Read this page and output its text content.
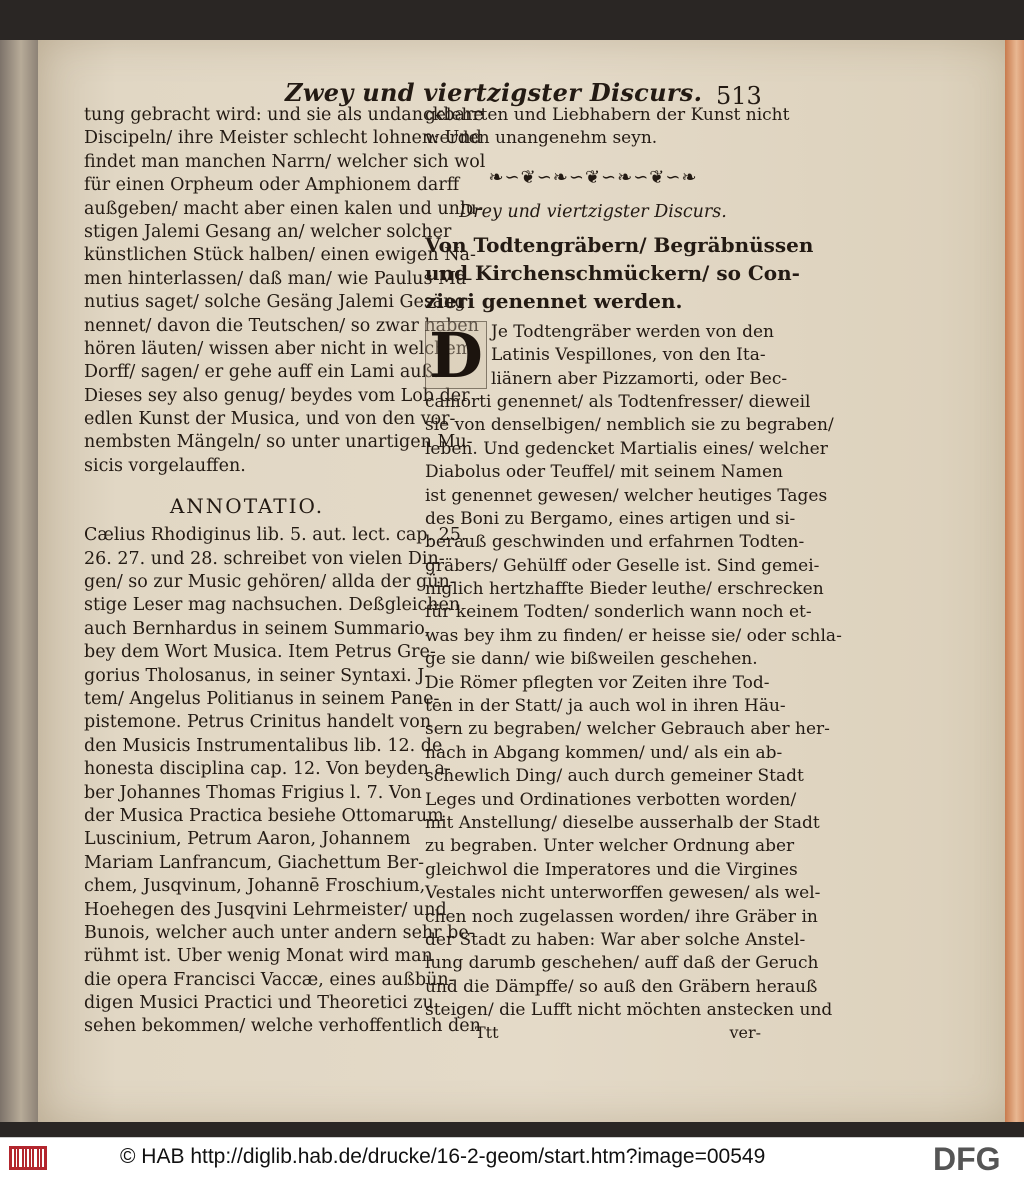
Zwey und viertzigster Discurs. 513
tung gebracht wird: und sie als undanckbare
Discipeln/ ihre Meister schlecht lohnen: Und
findet man manchen Narrn/ welcher sich wol
für einen Orpheum oder Amphionem darff
außgeben/ macht aber einen kalen und unlu-
stigen Jalemi Gesang an/ welcher solcher
künstlichen Stück halben/ einen ewigen Na-
men hinterlassen/ daß man/ wie Paulus Ma-
nutius saget/ solche Gesäng Jalemi Gesäng
nennet/ davon die Teutschen/ so zwar haben
hören läuten/ wissen aber nicht in welchem
Dorff/ sagen/ er gehe auff ein Lami auß.
Dieses sey also genug/ beydes vom Lob der
edlen Kunst der Musica, und von den vor-
nembsten Mängeln/ so unter unartigen Mu-
sicis vorgelauffen.
ANNOTATIO.
Cælius Rhodiginus lib. 5. aut. lect. cap. 25.
26. 27. und 28. schreibet von vielen Din-
gen/ so zur Music gehören/ allda der gün-
stige Leser mag nachsuchen. Deßgleichen
auch Bernhardus in seinem Summario,
bey dem Wort Musica. Item Petrus Gre-
gorius Tholosanus, in seiner Syntaxi. J-
tem/ Angelus Politianus in seinem Pane-
pistemone. Petrus Crinitus handelt von
den Musicis Instrumentalibus lib. 12. de
honesta disciplina cap. 12. Von beyden a-
ber Johannes Thomas Frigius l. 7. Von
der Musica Practica besiehe Ottomarum
Luscinium, Petrum Aaron, Johannem
Mariam Lanfrancum, Giachettum Ber-
chem, Jusqvinum, Johannē Froschium,
Hoehegen des Jusqvini Lehrmeister/ und
Bunois, welcher auch unter andern sehr be-
rühmt ist. Uber wenig Monat wird man
die opera Francisci Vaccæ, eines außbün-
digen Musici Practici und Theoretici zu
sehen bekommen/ welche verhoffentlich den
gelehrten und Liebhabern der Kunst nicht
werden unangenehm seyn.
❧∽❦∽❧∽❦∽❧∽❦∽❧
Drey und viertzigster Discurs.
Von Todtengräbern/ Begräbnüssen
und Kirchenschmückern/ so Con-
zieri genennet werden.
D Je Todtengräber werden von den
Latinis Vespillones, von den Ita-
liänern aber Pizzamorti, oder Bec-
camorti genennet/ als Todtenfresser/ dieweil
sie von denselbigen/ nemblich sie zu begraben/
leben. Und gedencket Martialis eines/ welcher
Diabolus oder Teuffel/ mit seinem Namen
ist genennet gewesen/ welcher heutiges Tages
des Boni zu Bergamo, eines artigen und si-
berauß geschwinden und erfahrnen Todten-
gräbers/ Gehülff oder Geselle ist. Sind gemei-
niglich hertzhaffte Bieder leuthe/ erschrecken
für keinem Todten/ sonderlich wann noch et-
was bey ihm zu finden/ er heisse sie/ oder schla-
ge sie dann/ wie bißweilen geschehen.
Die Römer pflegten vor Zeiten ihre Tod-
ten in der Statt/ ja auch wol in ihren Häu-
sern zu begraben/ welcher Gebrauch aber her-
nach in Abgang kommen/ und/ als ein ab-
schewlich Ding/ auch durch gemeiner Stadt
Leges und Ordinationes verbotten worden/
mit Anstellung/ dieselbe ausserhalb der Stadt
zu begraben. Unter welcher Ordnung aber
gleichwol die Imperatores und die Virgines
Vestales nicht unterworffen gewesen/ als wel-
chen noch zugelassen worden/ ihre Gräber in
der Stadt zu haben: War aber solche Anstel-
lung darumb geschehen/ auff daß der Geruch
und die Dämpffe/ so auß den Gräbern herauß
steigen/ die Lufft nicht möchten anstecken und
Ttt	ver-
© HAB http://diglib.hab.de/drucke/16-2-geom/start.htm?image=00549	DFG
